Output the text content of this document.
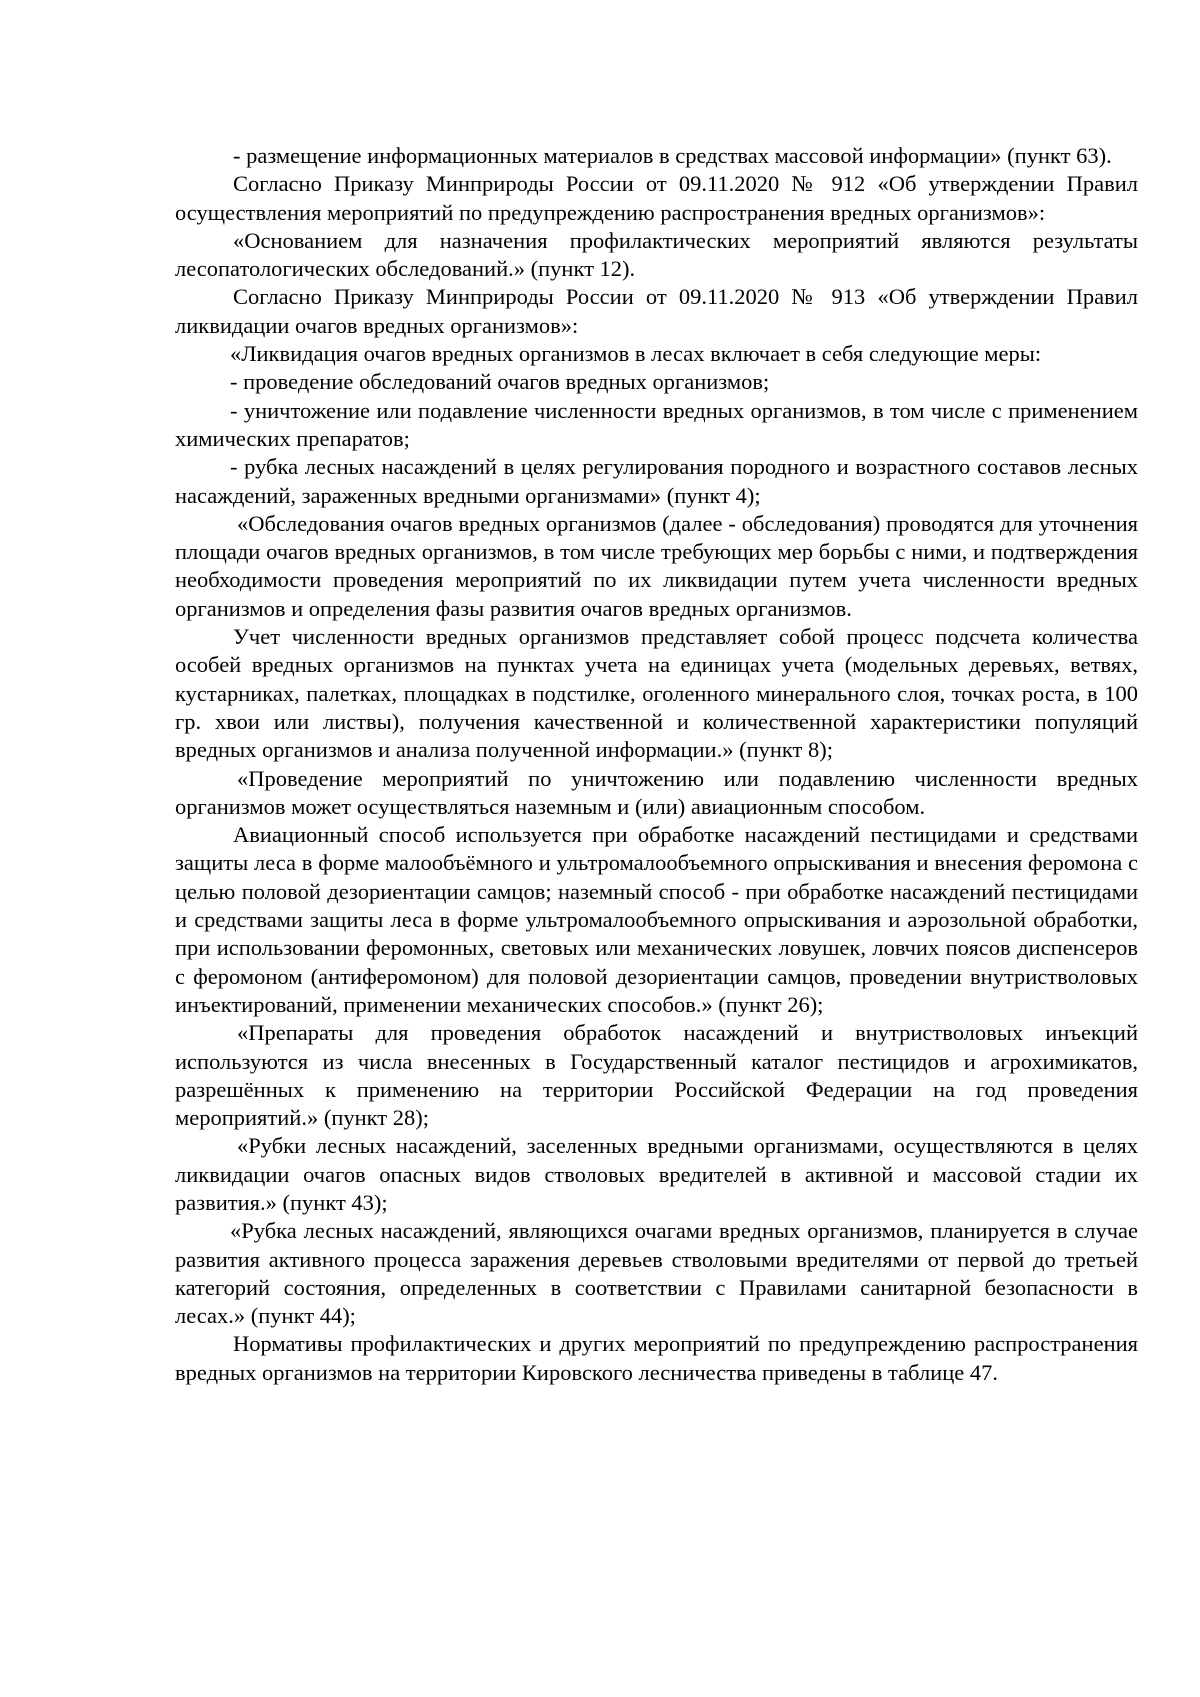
- размещение информационных материалов в средствах массовой информации» (пункт 63).

Согласно Приказу Минприроды России от 09.11.2020 № 912 «Об утверждении Правил осуществления мероприятий по предупреждению распространения вредных организмов»:

«Основанием для назначения профилактических мероприятий являются результаты лесопатологических обследований.» (пункт 12).

Согласно Приказу Минприроды России от 09.11.2020 № 913 «Об утверждении Правил ликвидации очагов вредных организмов»:

«Ликвидация очагов вредных организмов в лесах включает в себя следующие меры:

- проведение обследований очагов вредных организмов;

- уничтожение или подавление численности вредных организмов, в том числе с применением химических препаратов;

- рубка лесных насаждений в целях регулирования породного и возрастного составов лесных насаждений, зараженных вредными организмами» (пункт 4);

«Обследования очагов вредных организмов (далее - обследования) проводятся для уточнения площади очагов вредных организмов, в том числе требующих мер борьбы с ними, и подтверждения необходимости проведения мероприятий по их ликвидации путем учета численности вредных организмов и определения фазы развития очагов вредных организмов.

Учет численности вредных организмов представляет собой процесс подсчета количества особей вредных организмов на пунктах учета на единицах учета (модельных деревьях, ветвях, кустарниках, палетках, площадках в подстилке, оголенного минерального слоя, точках роста, в 100 гр. хвои или листвы), получения качественной и количественной характеристики популяций вредных организмов и анализа полученной информации.» (пункт 8);

«Проведение мероприятий по уничтожению или подавлению численности вредных организмов может осуществляться наземным и (или) авиационным способом.

Авиационный способ используется при обработке насаждений пестицидами и средствами защиты леса в форме малообъёмного и ультромалообъемного опрыскивания и внесения феромона с целью половой дезориентации самцов; наземный способ - при обработке насаждений пестицидами и средствами защиты леса в форме ультромалообъемного опрыскивания и аэрозольной обработки, при использовании феромонных, световых или механических ловушек, ловчих поясов диспенсеров с феромоном (антиферомоном) для половой дезориентации самцов, проведении внутристволовых инъектирований, применении механических способов.» (пункт 26);

«Препараты для проведения обработок насаждений и внутристволовых инъекций используются из числа внесенных в Государственный каталог пестицидов и агрохимикатов, разрешённых к применению на территории Российской Федерации на год проведения мероприятий.» (пункт 28);

«Рубки лесных насаждений, заселенных вредными организмами, осуществляются в целях ликвидации очагов опасных видов стволовых вредителей в активной и массовой стадии их развития.» (пункт 43);

«Рубка лесных насаждений, являющихся очагами вредных организмов, планируется в случае развития активного процесса заражения деревьев стволовыми вредителями от первой до третьей категорий состояния, определенных в соответствии с Правилами санитарной безопасности в лесах.» (пункт 44);

Нормативы профилактических и других мероприятий по предупреждению распространения вредных организмов на территории Кировского лесничества приведены в таблице 47.
